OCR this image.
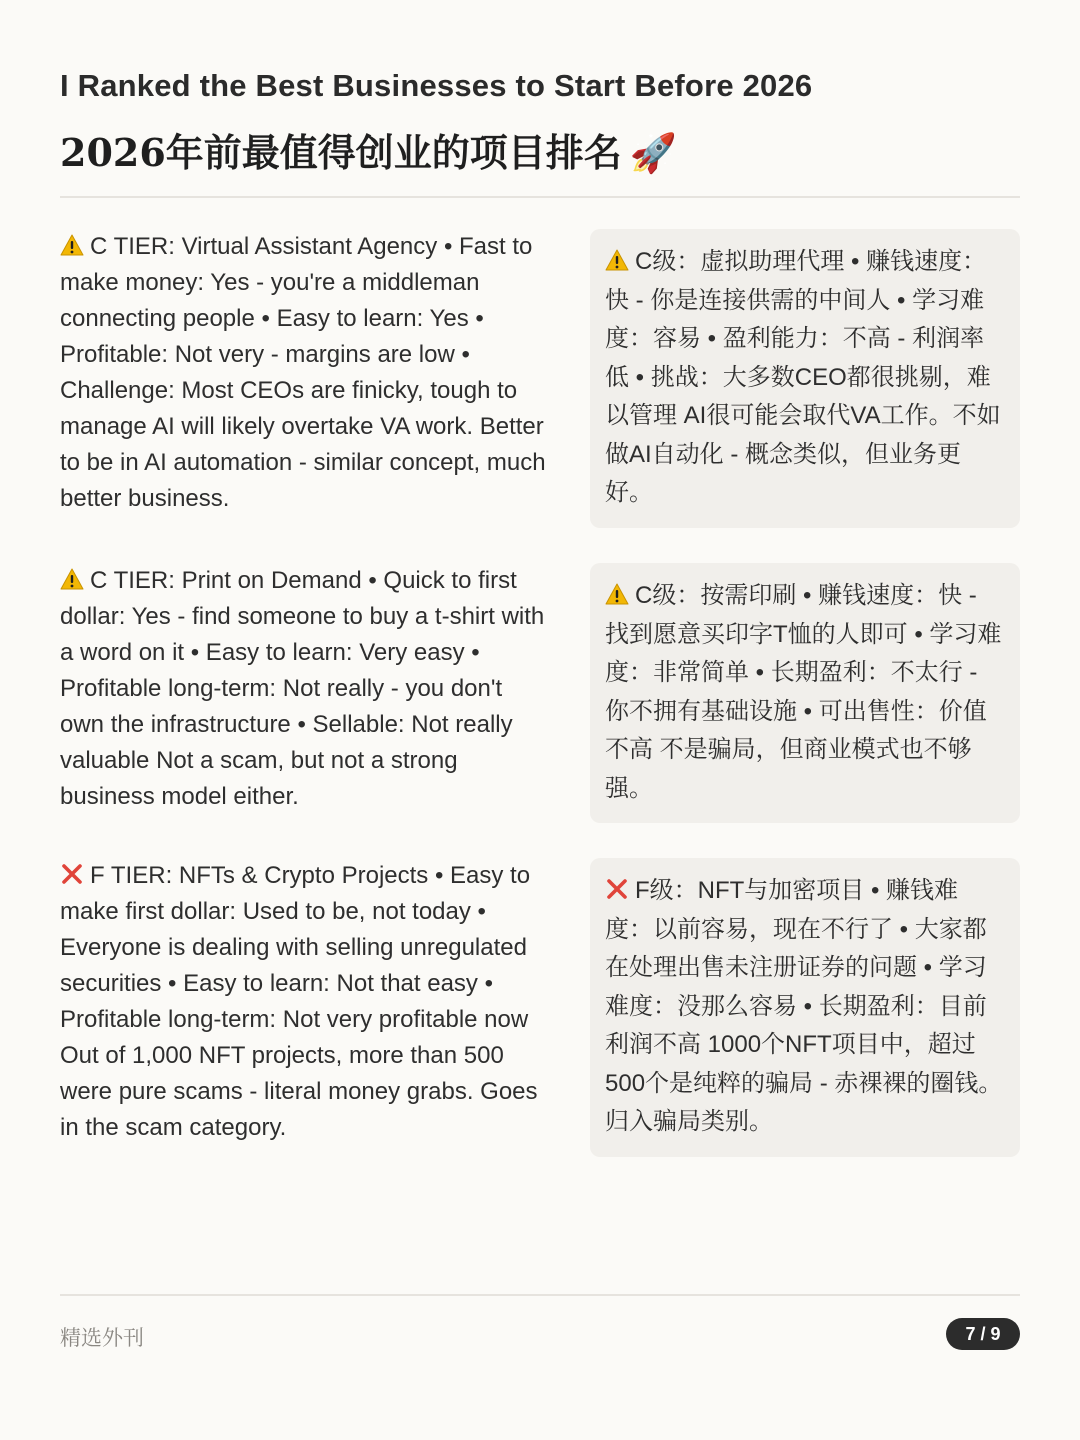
I Ranked the Best Businesses to Start Before 2026
2026年前最值得创业的项目排名 🚀
C TIER: Virtual Assistant Agency • Fast to make money: Yes - you're a middleman connecting people • Easy to learn: Yes • Profitable: Not very - margins are low • Challenge: Most CEOs are finicky, tough to manage AI will likely overtake VA work. Better to be in AI automation - similar concept, much better business.
C级：虚拟助理代理 • 赚钱速度：快 - 你是连接供需的中间人 • 学习难度：容易 • 盈利能力：不高 - 利润率低 • 挑战：大多数CEO都很挑剔，难以管理 AI很可能会取代VA工作。不如做AI自动化 - 概念类似，但业务更好。
C TIER: Print on Demand • Quick to first dollar: Yes - find someone to buy a t-shirt with a word on it • Easy to learn: Very easy • Profitable long-term: Not really - you don't own the infrastructure • Sellable: Not really valuable Not a scam, but not a strong business model either.
C级：按需印刷 • 赚钱速度：快 - 找到愿意买印字T恤的人即可 • 学习难度：非常简单 • 长期盈利：不太行 - 你不拥有基础设施 • 可出售性：价值不高 不是骗局，但商业模式也不够强。
F TIER: NFTs & Crypto Projects • Easy to make first dollar: Used to be, not today • Everyone is dealing with selling unregulated securities • Easy to learn: Not that easy • Profitable long-term: Not very profitable now Out of 1,000 NFT projects, more than 500 were pure scams - literal money grabs. Goes in the scam category.
F级：NFT与加密项目 • 赚钱难度：以前容易，现在不行了 • 大家都在处理出售未注册证券的问题 • 学习难度：没那么容易 • 长期盈利：目前利润不高 1000个NFT项目中，超过500个是纯粹的骗局 - 赤裸裸的圈钱。归入骗局类别。
精选外刊	7 / 9
